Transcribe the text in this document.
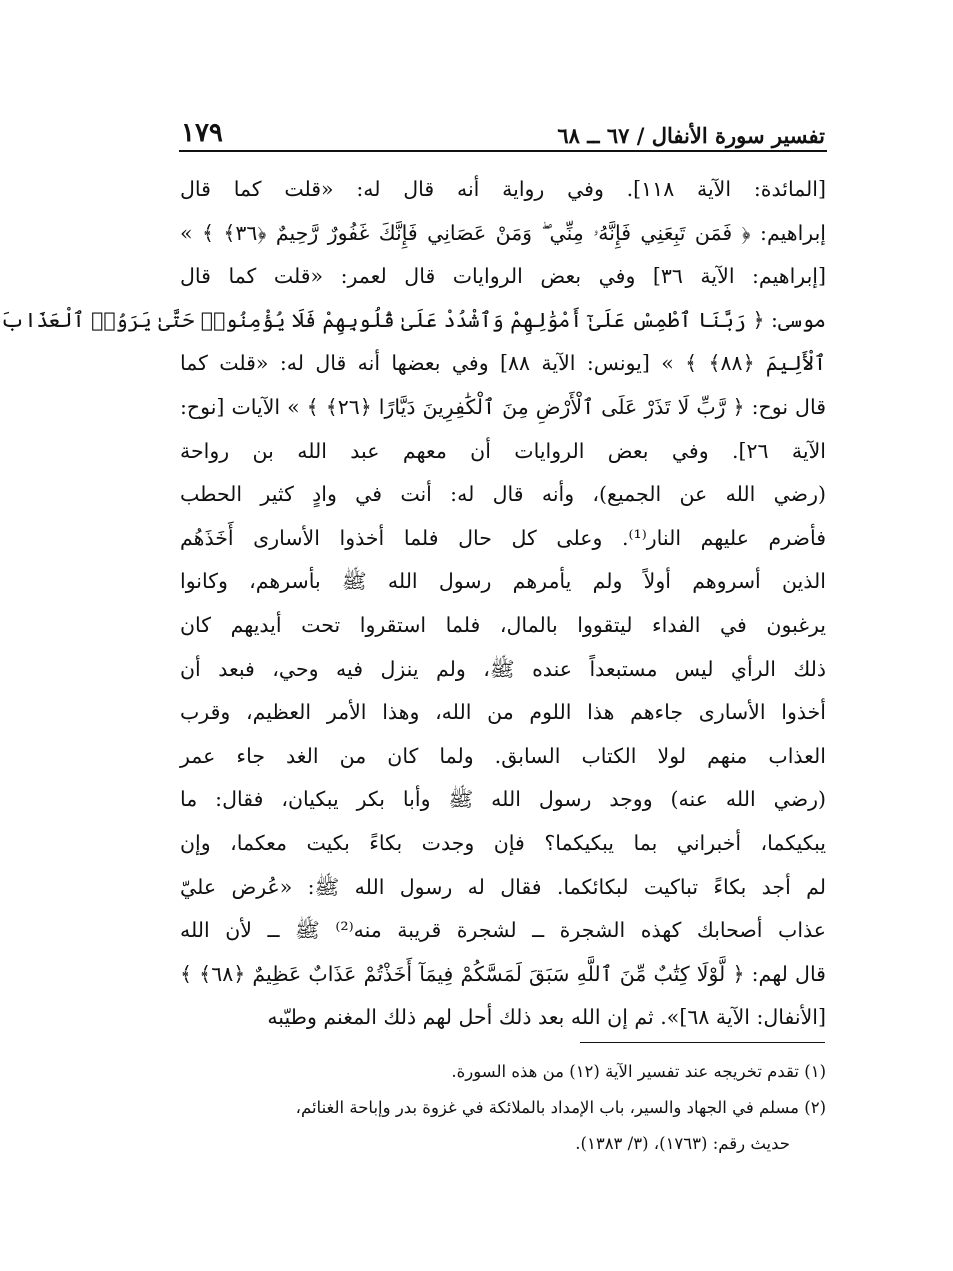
تفسير سورة الأنفال / ٦٧ ــ ٦٨
١٧٩
[المائدة: الآية ١١٨]. وفي رواية أنه قال له: «قلت كما قال
إبراهيم: ﴿ فَمَن تَبِعَنِي فَإِنَّهُۥ مِنِّي ۖ وَمَنْ عَصَانِي فَإِنَّكَ غَفُورٌ رَّحِيمٌ ﴿٣٦﴾ ﴾ »
[إبراهيم: الآية ٣٦] وفي بعض الروايات قال لعمر: «قلت كما قال
موسى: ﴿ رَبَّنَا ٱطْمِسْ عَلَىٰٓ أَمْوَٰلِهِمْ وَٱشْدُدْ عَلَىٰ قُلُوبِهِمْ فَلَا يُؤْمِنُوا۟ حَتَّىٰ يَرَوُا۟ ٱلْعَذَابَ
ٱلْأَلِيمَ ﴿٨٨﴾ ﴾ » [يونس: الآية ٨٨] وفي بعضها أنه قال له: «قلت كما
قال نوح: ﴿ رَّبِّ لَا تَذَرْ عَلَى ٱلْأَرْضِ مِنَ ٱلْكَٰفِرِينَ دَيَّارًا ﴿٢٦﴾ ﴾ » الآيات [نوح:
الآية ٢٦]. وفي بعض الروايات أن معهم عبد الله بن رواحة
(رضي الله عن الجميع)، وأنه قال له: أنت في وادٍ كثير الحطب
فأضرم عليهم النار⁽¹⁾. وعلى كل حال فلما أخذوا الأسارى أَخَذَهُم
الذين أسروهم أولاً ولم يأمرهم رسول الله ﷺ بأسرهم، وكانوا
يرغبون في الفداء ليتقووا بالمال، فلما استقروا تحت أيديهم كان
ذلك الرأي ليس مستبعداً عنده ﷺ، ولم ينزل فيه وحي، فبعد أن
أخذوا الأسارى جاءهم هذا اللوم من الله، وهذا الأمر العظيم، وقرب
العذاب منهم لولا الكتاب السابق. ولما كان من الغد جاء عمر
(رضي الله عنه) ووجد رسول الله ﷺ وأبا بكر يبكيان، فقال: ما
يبكيكما، أخبراني بما يبكيكما؟ فإن وجدت بكاءً بكيت معكما، وإن
لم أجد بكاءً تباكيت لبكائكما. فقال له رسول الله ﷺ: «عُرض عليّ
عذاب أصحابك كهذه الشجرة ــ لشجرة قريبة منه⁽²⁾ ﷺ ــ لأن الله
قال لهم: ﴿ لَّوْلَا كِتَٰبٌ مِّنَ ٱللَّهِ سَبَقَ لَمَسَّكُمْ فِيمَآ أَخَذْتُمْ عَذَابٌ عَظِيمٌ ﴿٦٨﴾ ﴾
[الأنفال: الآية ٦٨]». ثم إن الله بعد ذلك أحل لهم ذلك المغنم وطيّبه
(١) تقدم تخريجه عند تفسير الآية (١٢) من هذه السورة.
(٢) مسلم في الجهاد والسير، باب الإمداد بالملائكة في غزوة بدر وإباحة الغنائم،
حديث رقم: (١٧٦٣)، (٣/ ١٣٨٣).
